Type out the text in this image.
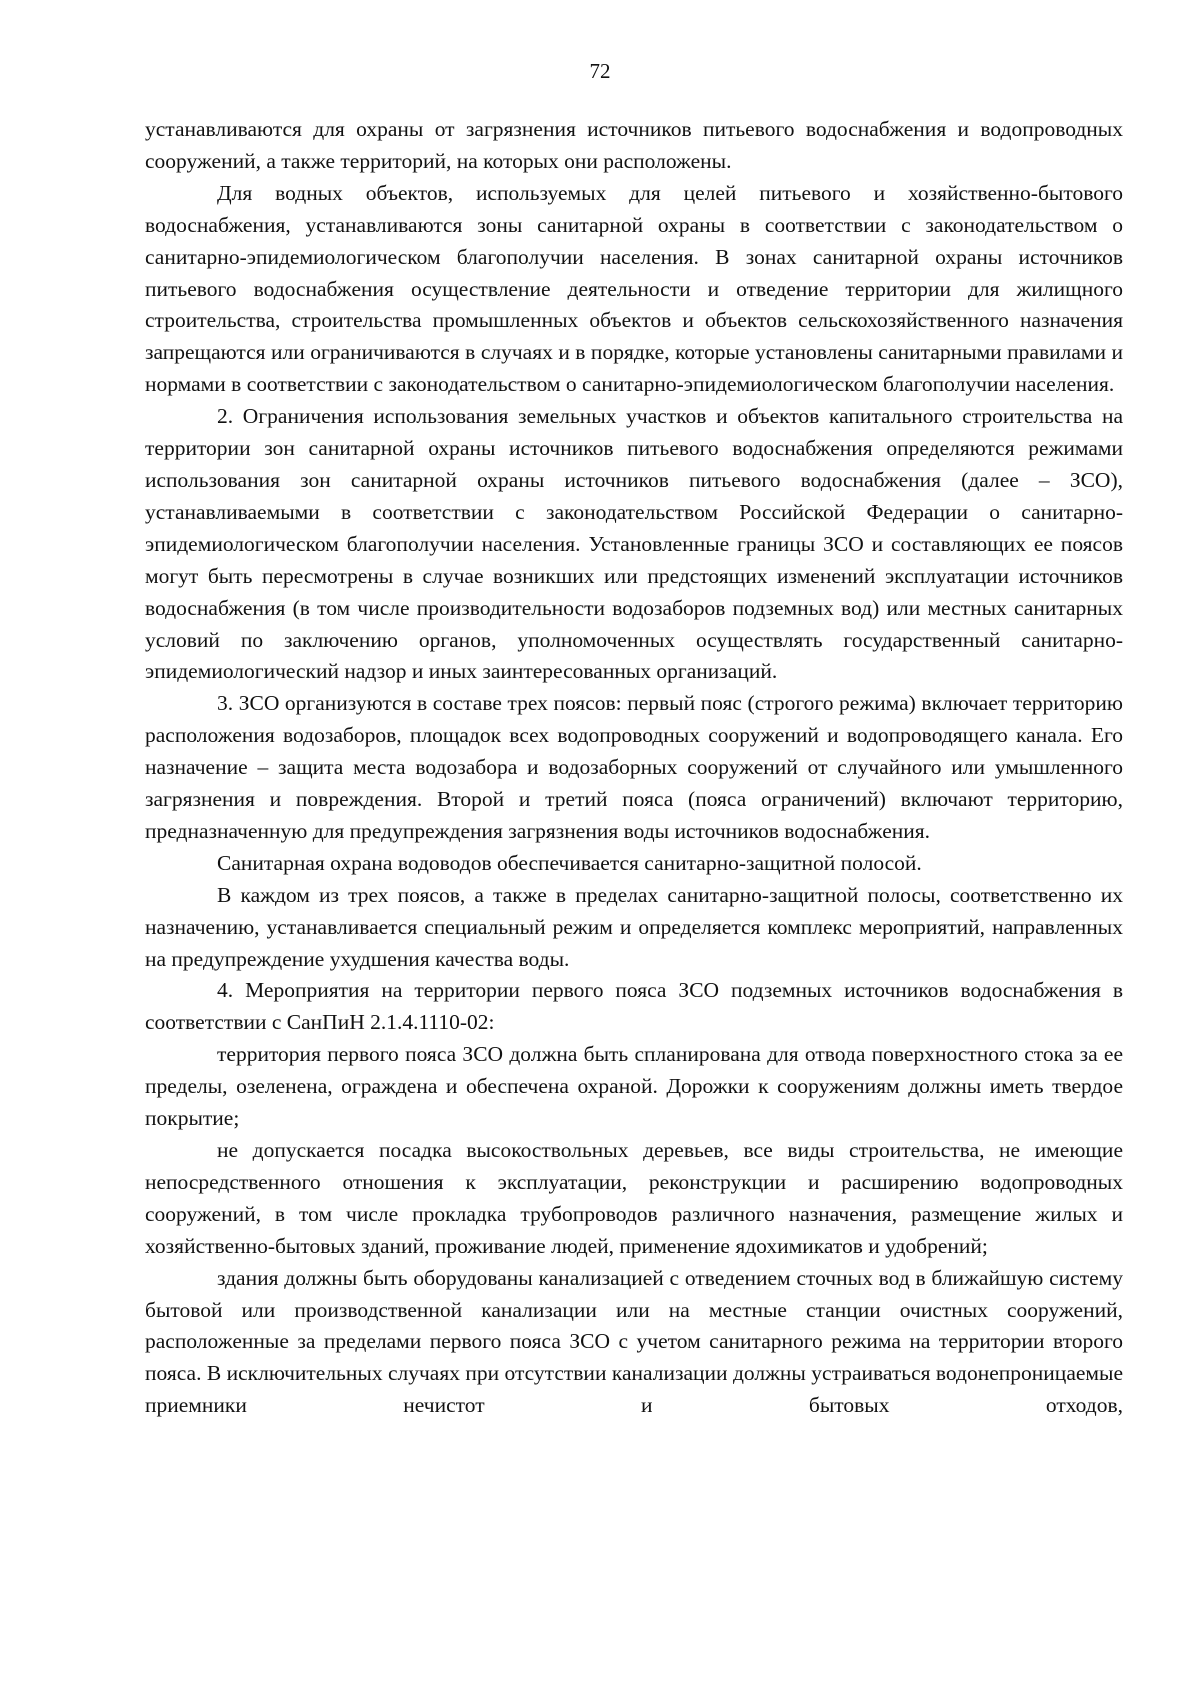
72

устанавливаются для охраны от загрязнения источников питьевого водоснабжения и водопроводных сооружений, а также территорий, на которых они расположены.

Для водных объектов, используемых для целей питьевого и хозяйственно-бытового водоснабжения, устанавливаются зоны санитарной охраны в соответствии с законодательством о санитарно-эпидемиологическом благополучии населения. В зонах санитарной охраны источников питьевого водоснабжения осуществление деятельности и отведение территории для жилищного строительства, строительства промышленных объектов и объектов сельскохозяйственного назначения запрещаются или ограничиваются в случаях и в порядке, которые установлены санитарными правилами и нормами в соответствии с законодательством о санитарно-эпидемиологическом благополучии населения.

2. Ограничения использования земельных участков и объектов капитального строительства на территории зон санитарной охраны источников питьевого водоснабжения определяются режимами использования зон санитарной охраны источников питьевого водоснабжения (далее – ЗСО), устанавливаемыми в соответствии с законодательством Российской Федерации о санитарно-эпидемиологическом благополучии населения. Установленные границы ЗСО и составляющих ее поясов могут быть пересмотрены в случае возникших или предстоящих изменений эксплуатации источников водоснабжения (в том числе производительности водозаборов подземных вод) или местных санитарных условий по заключению органов, уполномоченных осуществлять государственный санитарно-эпидемиологический надзор и иных заинтересованных организаций.

3. ЗСО организуются в составе трех поясов: первый пояс (строгого режима) включает территорию расположения водозаборов, площадок всех водопроводных сооружений и водопроводящего канала. Его назначение – защита места водозабора и водозаборных сооружений от случайного или умышленного загрязнения и повреждения. Второй и третий пояса (пояса ограничений) включают территорию, предназначенную для предупреждения загрязнения воды источников водоснабжения.

Санитарная охрана водоводов обеспечивается санитарно-защитной полосой.

В каждом из трех поясов, а также в пределах санитарно-защитной полосы, соответственно их назначению, устанавливается специальный режим и определяется комплекс мероприятий, направленных на предупреждение ухудшения качества воды.

4. Мероприятия на территории первого пояса ЗСО подземных источников водоснабжения в соответствии с СанПиН 2.1.4.1110-02:

территория первого пояса ЗСО должна быть спланирована для отвода поверхностного стока за ее пределы, озеленена, ограждена и обеспечена охраной. Дорожки к сооружениям должны иметь твердое покрытие;

не допускается посадка высокоствольных деревьев, все виды строительства, не имеющие непосредственного отношения к эксплуатации, реконструкции и расширению водопроводных сооружений, в том числе прокладка трубопроводов различного назначения, размещение жилых и хозяйственно-бытовых зданий, проживание людей, применение ядохимикатов и удобрений;

здания должны быть оборудованы канализацией с отведением сточных вод в ближайшую систему бытовой или производственной канализации или на местные станции очистных сооружений, расположенные за пределами первого пояса ЗСО с учетом санитарного режима на территории второго пояса. В исключительных случаях при отсутствии канализации должны устраиваться водонепроницаемые приемники нечистот и бытовых отходов,
